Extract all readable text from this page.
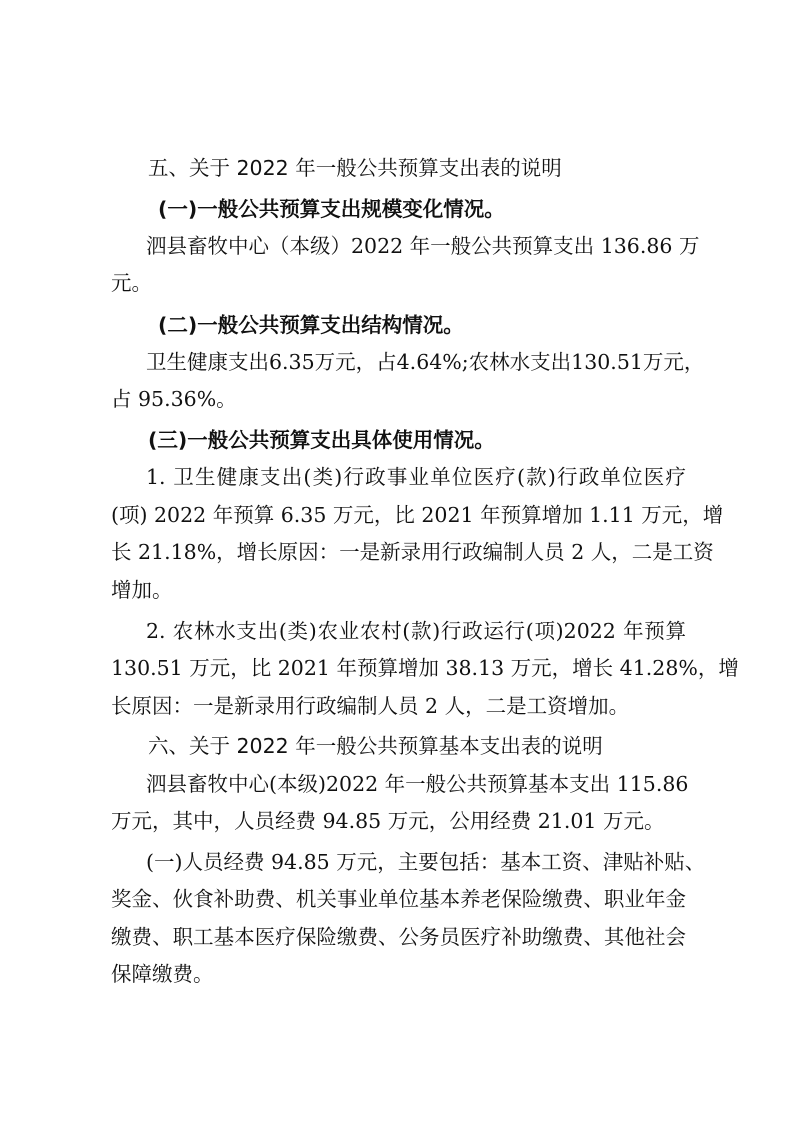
五、关于 2022 年一般公共预算支出表的说明
(一)一般公共预算支出规模变化情况。
泗县畜牧中心（本级）2022 年一般公共预算支出 136.86 万
元。
(二)一般公共预算支出结构情况。
卫生健康支出6.35万元，占4.64%;农林水支出130.51万元，
占 95.36%。
(三)一般公共预算支出具体使用情况。
1. 卫生健康支出(类)行政事业单位医疗(款)行政单位医疗
(项) 2022 年预算 6.35 万元，比 2021 年预算增加 1.11 万元，增
长 21.18%，增长原因：一是新录用行政编制人员 2 人，二是工资
增加。
2. 农林水支出(类)农业农村(款)行政运行(项)2022 年预算
130.51 万元，比 2021 年预算增加 38.13 万元，增长 41.28%，增
长原因：一是新录用行政编制人员 2 人，二是工资增加。
六、关于 2022 年一般公共预算基本支出表的说明
泗县畜牧中心(本级)2022 年一般公共预算基本支出 115.86
万元，其中，人员经费 94.85 万元，公用经费 21.01 万元。
(一)人员经费 94.85 万元，主要包括：基本工资、津贴补贴、
奖金、伙食补助费、机关事业单位基本养老保险缴费、职业年金
缴费、职工基本医疗保险缴费、公务员医疗补助缴费、其他社会
保障缴费。
